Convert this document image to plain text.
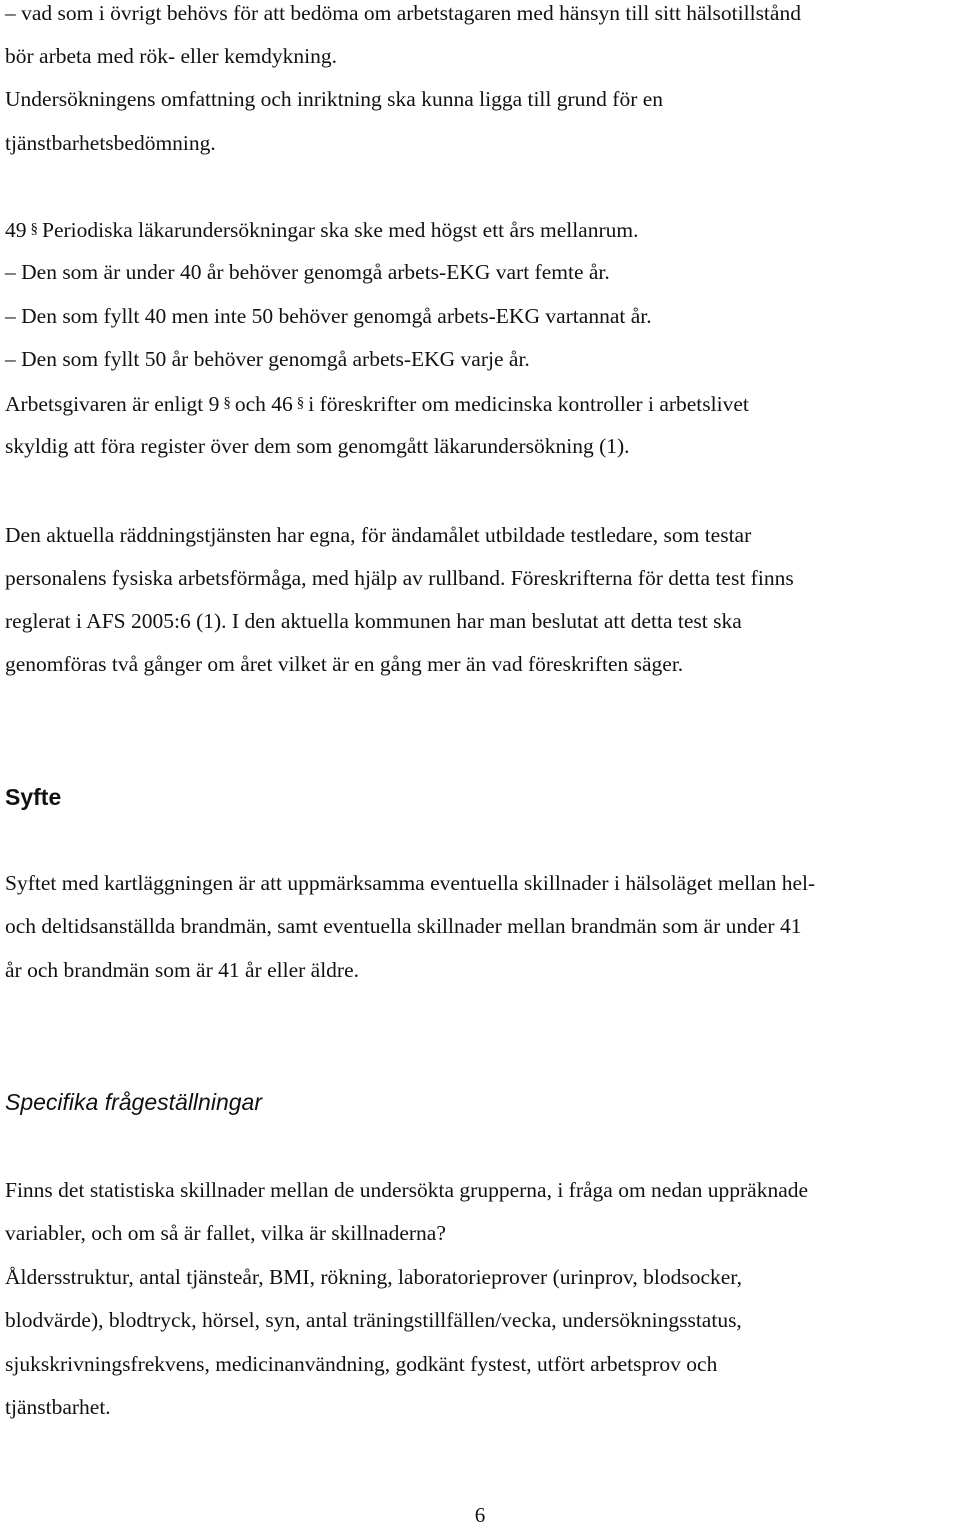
– vad som i övrigt behövs för att bedöma om arbetstagaren med hänsyn till sitt hälsotillstånd
bör arbeta med rök- eller kemdykning.
Undersökningens omfattning och inriktning ska kunna ligga till grund för en
tjänstbarhetsbedömning.
49 § Periodiska läkarundersökningar ska ske med högst ett års mellanrum.
– Den som är under 40 år behöver genomgå arbets-EKG vart femte år.
– Den som fyllt 40 men inte 50 behöver genomgå arbets-EKG vartannat år.
– Den som fyllt 50 år behöver genomgå arbets-EKG varje år.
Arbetsgivaren är enligt 9 § och 46 § i föreskrifter om medicinska kontroller i arbetslivet
skyldig att föra register över dem som genomgått läkarundersökning (1).
Den aktuella räddningstjänsten har egna, för ändamålet utbildade testledare, som testar
personalens fysiska arbetsförmåga, med hjälp av rullband. Föreskrifterna för detta test finns
reglerat i AFS 2005:6 (1). I den aktuella kommunen har man beslutat att detta test ska
genomföras två gånger om året vilket är en gång mer än vad föreskriften säger.
Syfte
Syftet med kartläggningen är att uppmärksamma eventuella skillnader i hälsoläget mellan hel-
och deltidsanställda brandmän, samt eventuella skillnader mellan brandmän som är under 41
år och brandmän som är 41 år eller äldre.
Specifika frågeställningar
Finns det statistiska skillnader mellan de undersökta grupperna, i fråga om nedan uppräknade
variabler, och om så är fallet, vilka är skillnaderna?
Åldersstruktur, antal tjänsteår, BMI, rökning, laboratorieprover (urinprov, blodsocker,
blodvärde), blodtryck, hörsel, syn, antal träningstillfällen/vecka, undersökningsstatus,
sjukskrivningsfrekvens, medicinanvändning, godkänt fystest, utfört arbetsprov och
tjänstbarhet.
6
